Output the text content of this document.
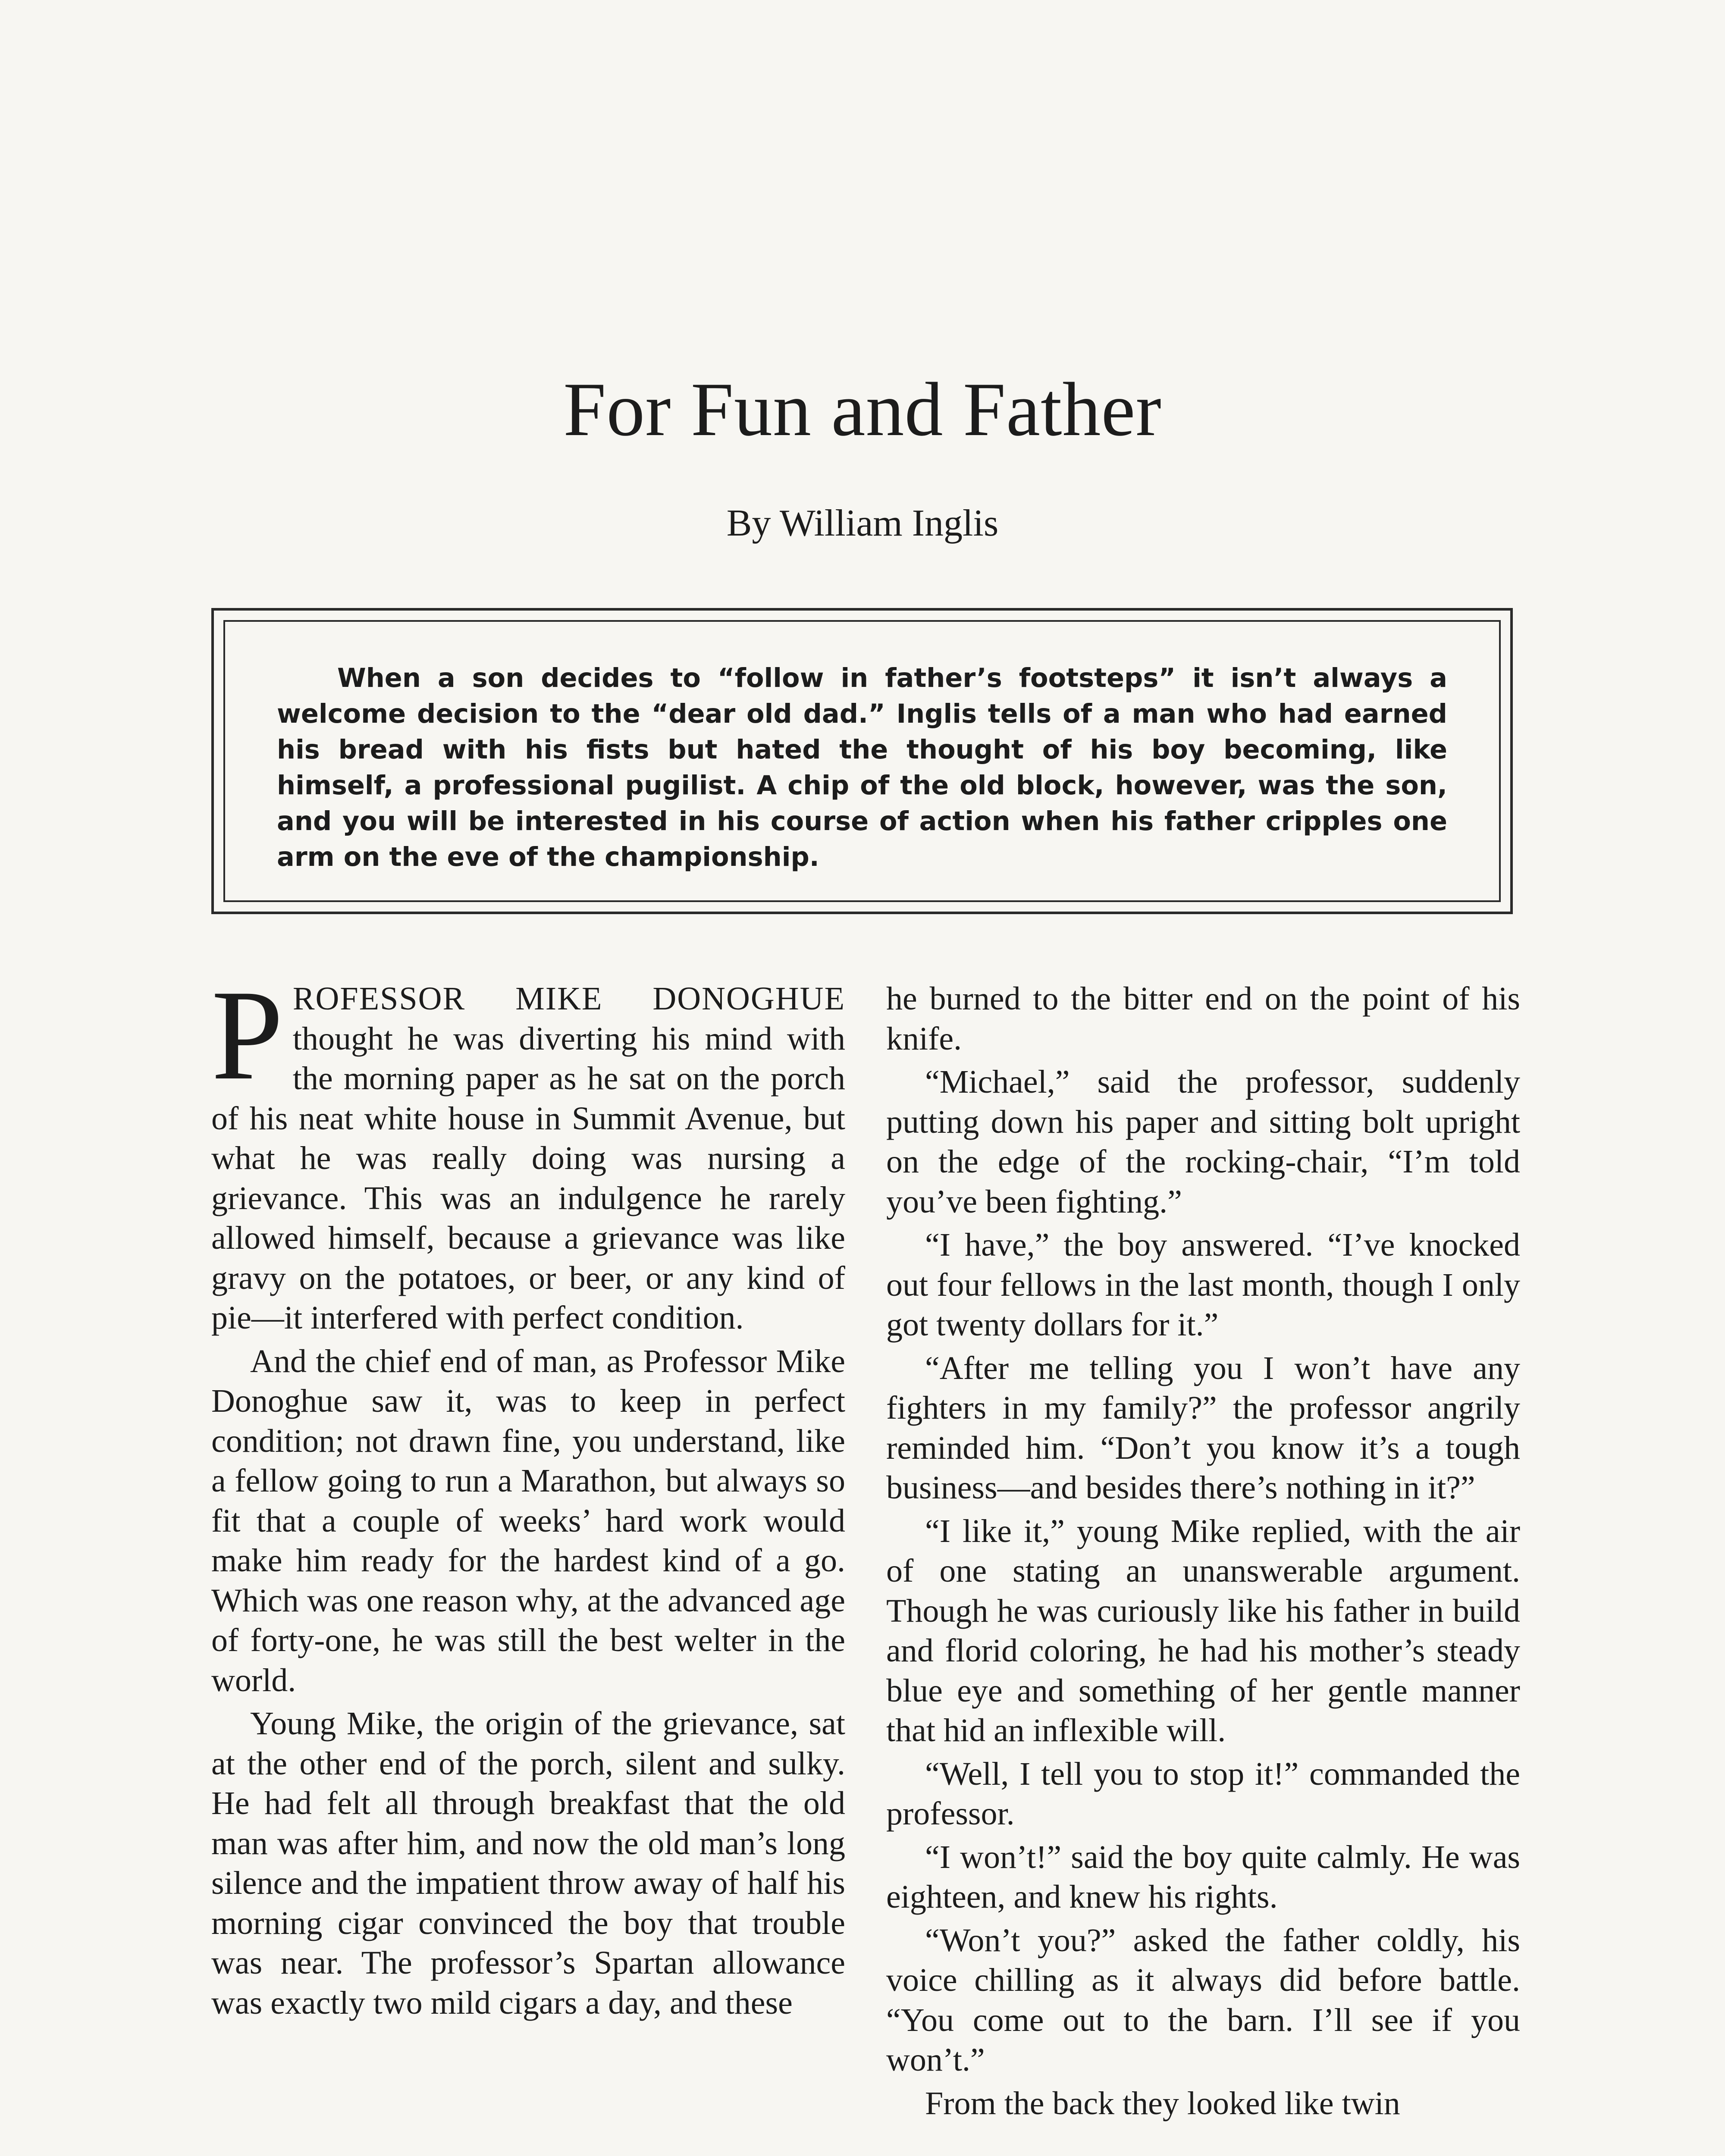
For Fun and Father
By William Inglis

When a son decides to “follow in father’s footsteps” it isn’t always a welcome decision to the “dear old dad.” Inglis tells of a man who had earned his bread with his fists but hated the thought of his boy becoming, like himself, a professional pugilist. A chip of the old block, however, was the son, and you will be interested in his course of action when his father cripples one arm on the eve of the championship.

PROFESSOR MIKE DONOGHUE thought he was diverting his mind with the morning paper as he sat on the porch of his neat white house in Summit Avenue, but what he was really doing was nursing a grievance. This was an indulgence he rarely allowed himself, because a grievance was like gravy on the potatoes, or beer, or any kind of pie—it interfered with perfect condition.

And the chief end of man, as Professor Mike Donoghue saw it, was to keep in perfect condition; not drawn fine, you understand, like a fellow going to run a Marathon, but always so fit that a couple of weeks’ hard work would make him ready for the hardest kind of a go. Which was one reason why, at the advanced age of forty-one, he was still the best welter in the world.

Young Mike, the origin of the grievance, sat at the other end of the porch, silent and sulky. He had felt all through breakfast that the old man was after him, and now the old man’s long silence and the impatient throw away of half his morning cigar convinced the boy that trouble was near. The professor’s Spartan allowance was exactly two mild cigars a day, and these

he burned to the bitter end on the point of his knife.

“Michael,” said the professor, suddenly putting down his paper and sitting bolt upright on the edge of the rocking-chair, “I’m told you’ve been fighting.”

“I have,” the boy answered. “I’ve knocked out four fellows in the last month, though I only got twenty dollars for it.”

“After me telling you I won’t have any fighters in my family?” the professor angrily reminded him. “Don’t you know it’s a tough business—and besides there’s nothing in it?”

“I like it,” young Mike replied, with the air of one stating an unanswerable argument. Though he was curiously like his father in build and florid coloring, he had his mother’s steady blue eye and something of her gentle manner that hid an inflexible will.

“Well, I tell you to stop it!” commanded the professor.

“I won’t!” said the boy quite calmly. He was eighteen, and knew his rights.

“Won’t you?” asked the father coldly, his voice chilling as it always did before battle. “You come out to the barn. I’ll see if you won’t.”

From the back they looked like twin
